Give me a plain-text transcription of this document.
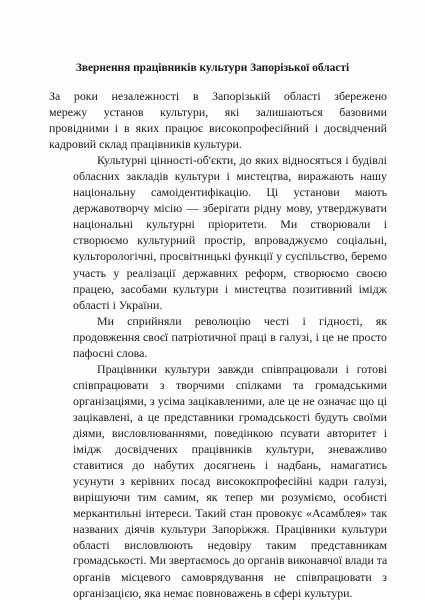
Звернення працівників культури Запорізької області
За роки незалежності в Запорізькій області збережено
мережу установ культури, які залишаються базовими
провідними і в яких працює високопрофесійний і досвідчений
кадровий склад працівників культури.
Культурні цінності-об'єкти, до яких відносяться і будівлі
обласних закладів культури і мистецтва, виражають нашу
національну самоідентифікацію. Ці установи мають
державотворчу місію — зберігати рідну мову, утверджувати
національні культурні пріоритети. Ми створювали і
створюємо культурний простір, впроваджуємо соціальні,
культорологічні, просвітницькі функції у суспільство, беремо
участь у реалізації державних реформ, створюємо своєю
працею, засобами культури і мистецтва позитивний імідж
області і України.
Ми сприйняли революцію честі і гідності, як
продовження своєї патріотичної праці в галузі, і це не просто
пафосні слова.
Працівники культури завжди співпрацювали і готові
співпрацювати з творчими спілками та громадськими
організаціями, з усіма зацікавленими, але це не означає що ці
зацікавлені, а це представники громадськості будуть своїми
діями, висловлюваннями, поведінкою псувати авторитет і
імідж досвідчених працівників культури, зневажливо
ставитися до набутих досягнень і надбань, намагатись
усунути з керівних посад висококпрофесійні кадри галузі,
вирішуючи тим самим, як тепер ми розуміємо, особисті
меркантильні інтереси. Такий стан провокує «Асамблея» так
названих діячів культури Запоріжжя. Працівники культури
області висловлюють недовіру таким представникам
громадськості. Ми звертаємось до органів виконавчої влади та
органів місцевого самоврядування не співпрацювати з
організацією, яка немає повноважень в сфері культури.
